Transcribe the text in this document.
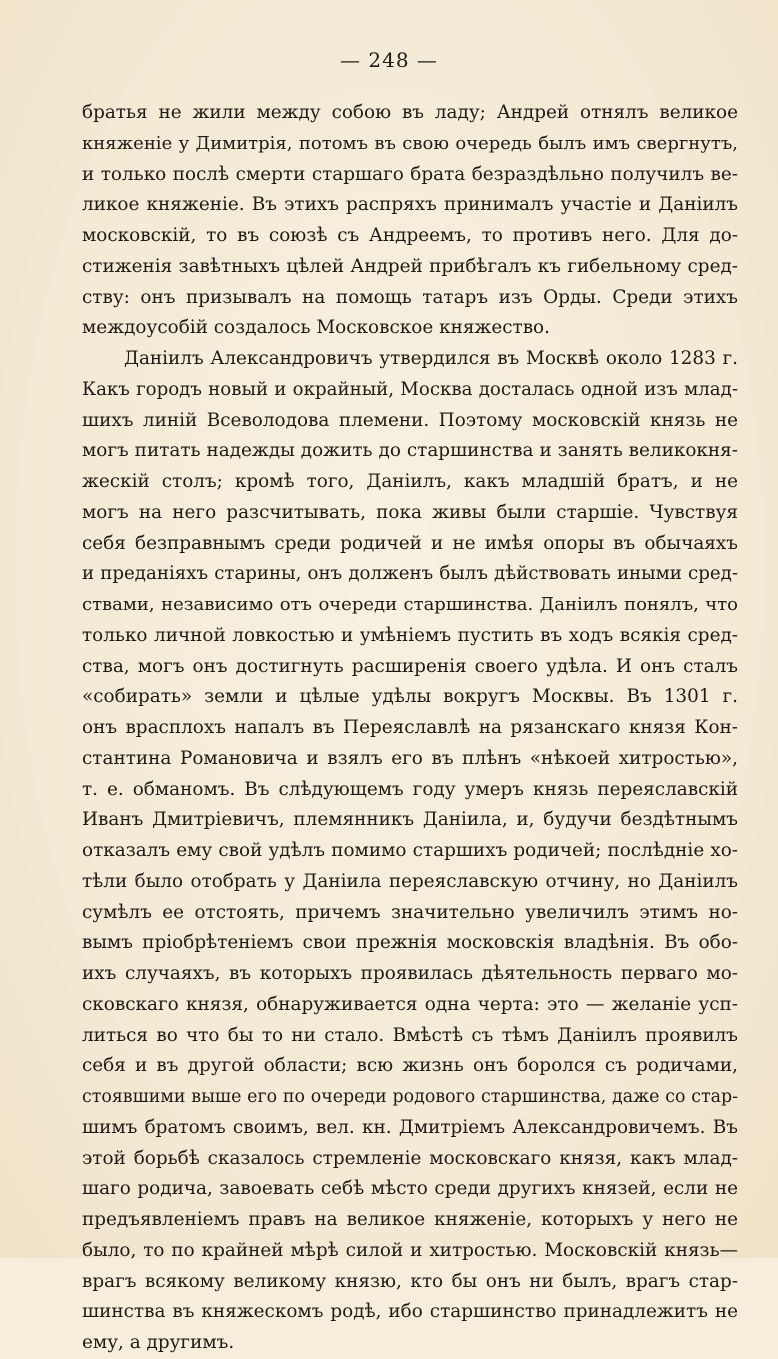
— 248 —
братья не жили между собою въ ладу; Андрей отнялъ великое
княженіе у Димитрія, потомъ въ свою очередь былъ имъ свергнутъ,
и только послѣ смерти старшаго брата безраздѣльно получилъ ве-
ликое княженіе. Въ этихъ распряхъ принималъ участіе и Даніилъ
московскій, то въ союзѣ съ Андреемъ, то противъ него. Для до-
стиженія завѣтныхъ цѣлей Андрей прибѣгалъ къ гибельному сред-
ству: онъ призывалъ на помощь татаръ изъ Орды. Среди этихъ
междоусобій создалось Московское княжество.
Даніилъ Александровичъ утвердился въ Москвѣ около 1283 г.
Какъ городъ новый и окрайный, Москва досталась одной изъ млад-
шихъ линій Всеволодова племени. Поэтому московскій князь не
могъ питать надежды дожить до старшинства и занять великокня-
жескій столъ; кромѣ того, Даніилъ, какъ младшій братъ, и не
могъ на него разсчитывать, пока живы были старшіе. Чувствуя
себя безправнымъ среди родичей и не имѣя опоры въ обычаяхъ
и преданіяхъ старины, онъ долженъ былъ дѣйствовать иными сред-
ствами, независимо отъ очереди старшинства. Даніилъ понялъ, что
только личной ловкостью и умѣніемъ пустить въ ходъ всякія сред-
ства, могъ онъ достигнуть расширенія своего удѣла. И онъ сталъ
«собирать» земли и цѣлые удѣлы вокругъ Москвы. Въ 1301 г.
онъ врасплохъ напалъ въ Переяславлѣ на рязанскаго князя Кон-
стантина Романовича и взялъ его въ плѣнъ «нѣкоей хитростью»,
т. е. обманомъ. Въ слѣдующемъ году умеръ князь переяславскій
Иванъ Дмитріевичъ, племянникъ Даніила, и, будучи бездѣтнымъ
отказалъ ему свой удѣлъ помимо старшихъ родичей; послѣдніе хо-
тѣли было отобрать у Даніила переяславскую отчину, но Даніилъ
сумѣлъ ее отстоять, причемъ значительно увеличилъ этимъ но-
вымъ пріобрѣтеніемъ свои прежнія московскія владѣнія. Въ обо-
ихъ случаяхъ, въ которыхъ проявилась дѣятельность перваго мо-
сковскаго князя, обнаруживается одна черта: это — желаніе усп-
литься во что бы то ни стало. Вмѣстѣ съ тѣмъ Даніилъ проявилъ
себя и въ другой области; всю жизнь онъ боролся съ родичами,
стоявшими выше его по очереди родового старшинства, даже со стар-
шимъ братомъ своимъ, вел. кн. Дмитріемъ Александровичемъ. Въ
этой борьбѣ сказалось стремленіе московскаго князя, какъ млад-
шаго родича, завоевать себѣ мѣсто среди другихъ князей, если не
предъявленіемъ правъ на великое княженіе, которыхъ у него не
было, то по крайней мѣрѣ силой и хитростью. Московскій князь—
врагъ всякому великому князю, кто бы онъ ни былъ, врагъ стар-
шинства въ княжескомъ родѣ, ибо старшинство принадлежитъ не
ему, а другимъ.
